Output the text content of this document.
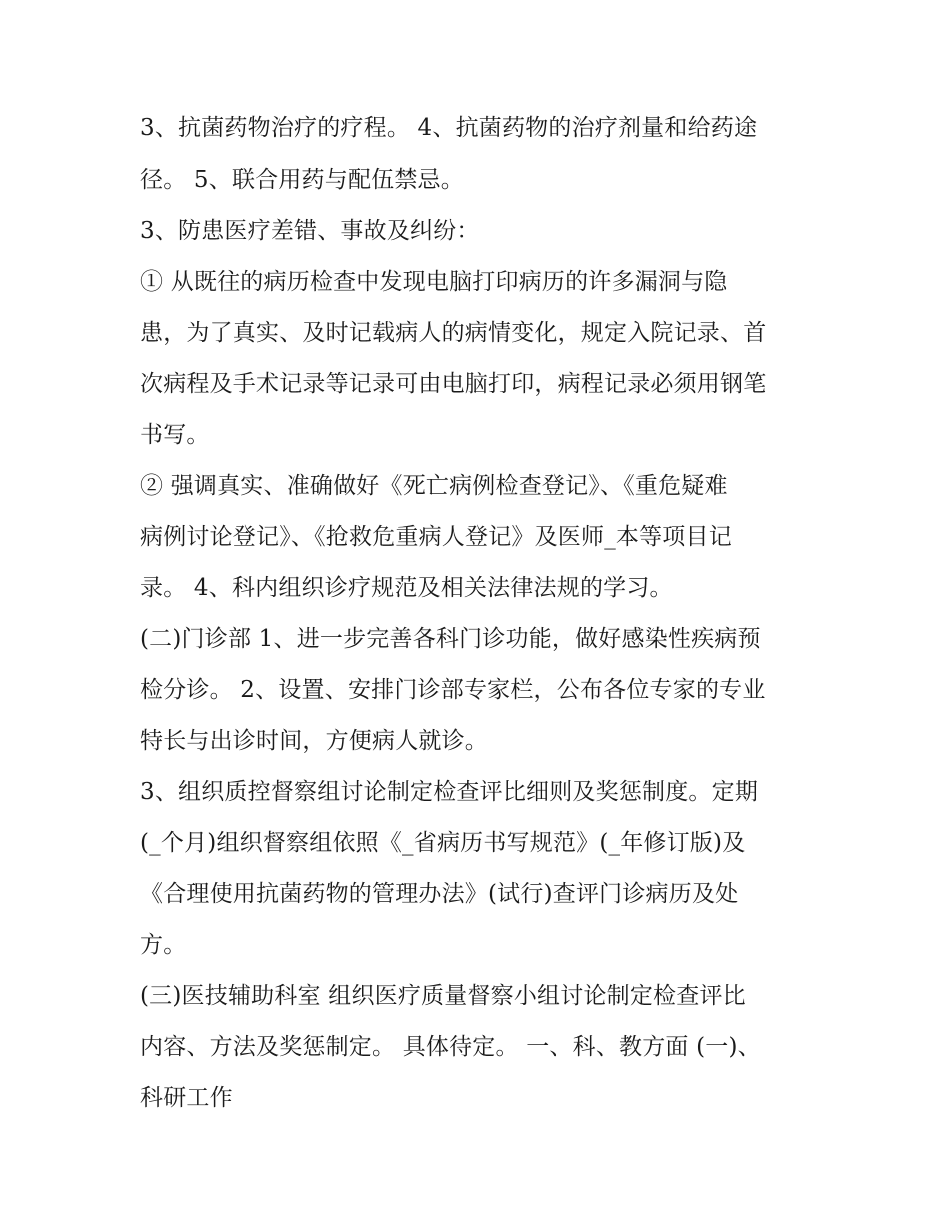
3、抗菌药物治疗的疗程。 4、抗菌药物的治疗剂量和给药途

径。 5、联合用药与配伍禁忌。

3、防患医疗差错、事故及纠纷：

① 从既往的病历检查中发现电脑打印病历的许多漏洞与隐

患，为了真实、及时记载病人的病情变化，规定入院记录、首

次病程及手术记录等记录可由电脑打印，病程记录必须用钢笔

书写。

② 强调真实、准确做好《死亡病例检查登记》、《重危疑难

病例讨论登记》、《抢救危重病人登记》及医师_本等项目记

录。 4、科内组织诊疗规范及相关法律法规的学习。

(二)门诊部 1、进一步完善各科门诊功能，做好感染性疾病预

检分诊。 2、设置、安排门诊部专家栏，公布各位专家的专业

特长与出诊时间，方便病人就诊。

3、组织质控督察组讨论制定检查评比细则及奖惩制度。定期

(_个月)组织督察组依照《_省病历书写规范》(_年修订版)及

《合理使用抗菌药物的管理办法》(试行)查评门诊病历及处

方。

(三)医技辅助科室 组织医疗质量督察小组讨论制定检查评比

内容、方法及奖惩制定。 具体待定。 一、科、教方面 (一)、

科研工作
